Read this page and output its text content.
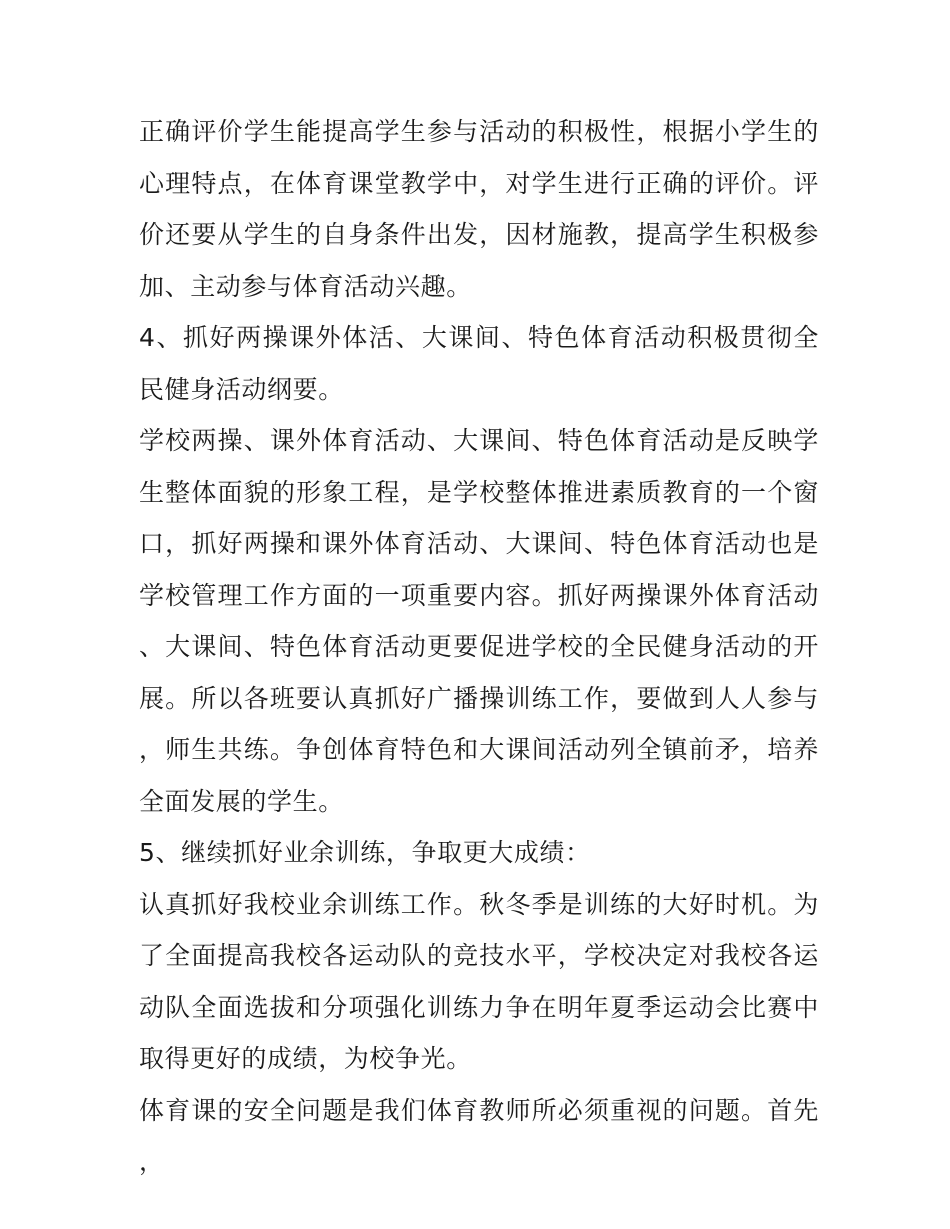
正确评价学生能提高学生参与活动的积极性，根据小学生的心理特点，在体育课堂教学中，对学生进行正确的评价。评价还要从学生的自身条件出发，因材施教，提高学生积极参加、主动参与体育活动兴趣。

4、抓好两操课外体活、大课间、特色体育活动积极贯彻全民健身活动纲要。

学校两操、课外体育活动、大课间、特色体育活动是反映学生整体面貌的形象工程，是学校整体推进素质教育的一个窗口，抓好两操和课外体育活动、大课间、特色体育活动也是学校管理工作方面的一项重要内容。抓好两操课外体育活动、大课间、特色体育活动更要促进学校的全民健身活动的开展。所以各班要认真抓好广播操训练工作，要做到人人参与，师生共练。争创体育特色和大课间活动列全镇前矛，培养全面发展的学生。

5、继续抓好业余训练，争取更大成绩：

认真抓好我校业余训练工作。秋冬季是训练的大好时机。为了全面提高我校各运动队的竞技水平，学校决定对我校各运动队全面选拔和分项强化训练力争在明年夏季运动会比赛中取得更好的成绩，为校争光。

体育课的安全问题是我们体育教师所必须重视的问题。首先，
